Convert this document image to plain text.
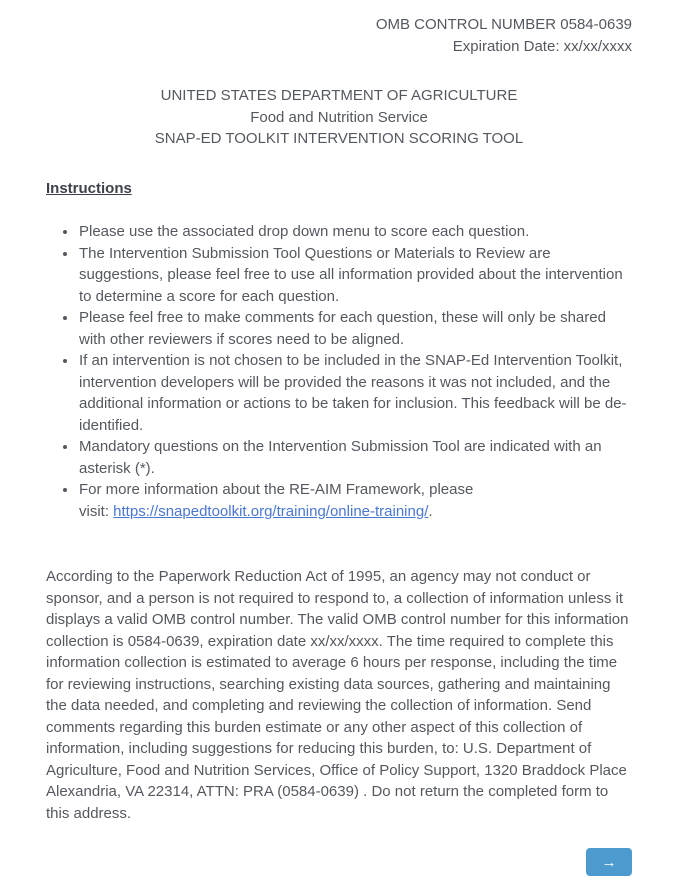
OMB CONTROL NUMBER 0584-0639
Expiration Date: xx/xx/xxxx
UNITED STATES DEPARTMENT OF AGRICULTURE
Food and Nutrition Service
SNAP-ED TOOLKIT INTERVENTION SCORING TOOL
Instructions
• Please use the associated drop down menu to score each question.
• The Intervention Submission Tool Questions or Materials to Review are suggestions, please feel free to use all information provided about the intervention to determine a score for each question.
• Please feel free to make comments for each question, these will only be shared with other reviewers if scores need to be aligned.
• If an intervention is not chosen to be included in the SNAP-Ed Intervention Toolkit, intervention developers will be provided the reasons it was not included, and the additional information or actions to be taken for inclusion. This feedback will be de-identified.
• Mandatory questions on the Intervention Submission Tool are indicated with an asterisk (*).
• For more information about the RE-AIM Framework, please visit: https://snapedtoolkit.org/training/online-training/.

According to the Paperwork Reduction Act of 1995, an agency may not conduct or sponsor, and a person is not required to respond to, a collection of information unless it displays a valid OMB control number. The valid OMB control number for this information collection is 0584-0639, expiration date xx/xx/xxxx. The time required to complete this information collection is estimated to average 6 hours per response, including the time for reviewing instructions, searching existing data sources, gathering and maintaining the data needed, and completing and reviewing the collection of information. Send comments regarding this burden estimate or any other aspect of this collection of information, including suggestions for reducing this burden, to: U.S. Department of Agriculture, Food and Nutrition Services, Office of Policy Support, 1320 Braddock Place Alexandria, VA 22314, ATTN: PRA (0584-0639) . Do not return the completed form to this address.

→
